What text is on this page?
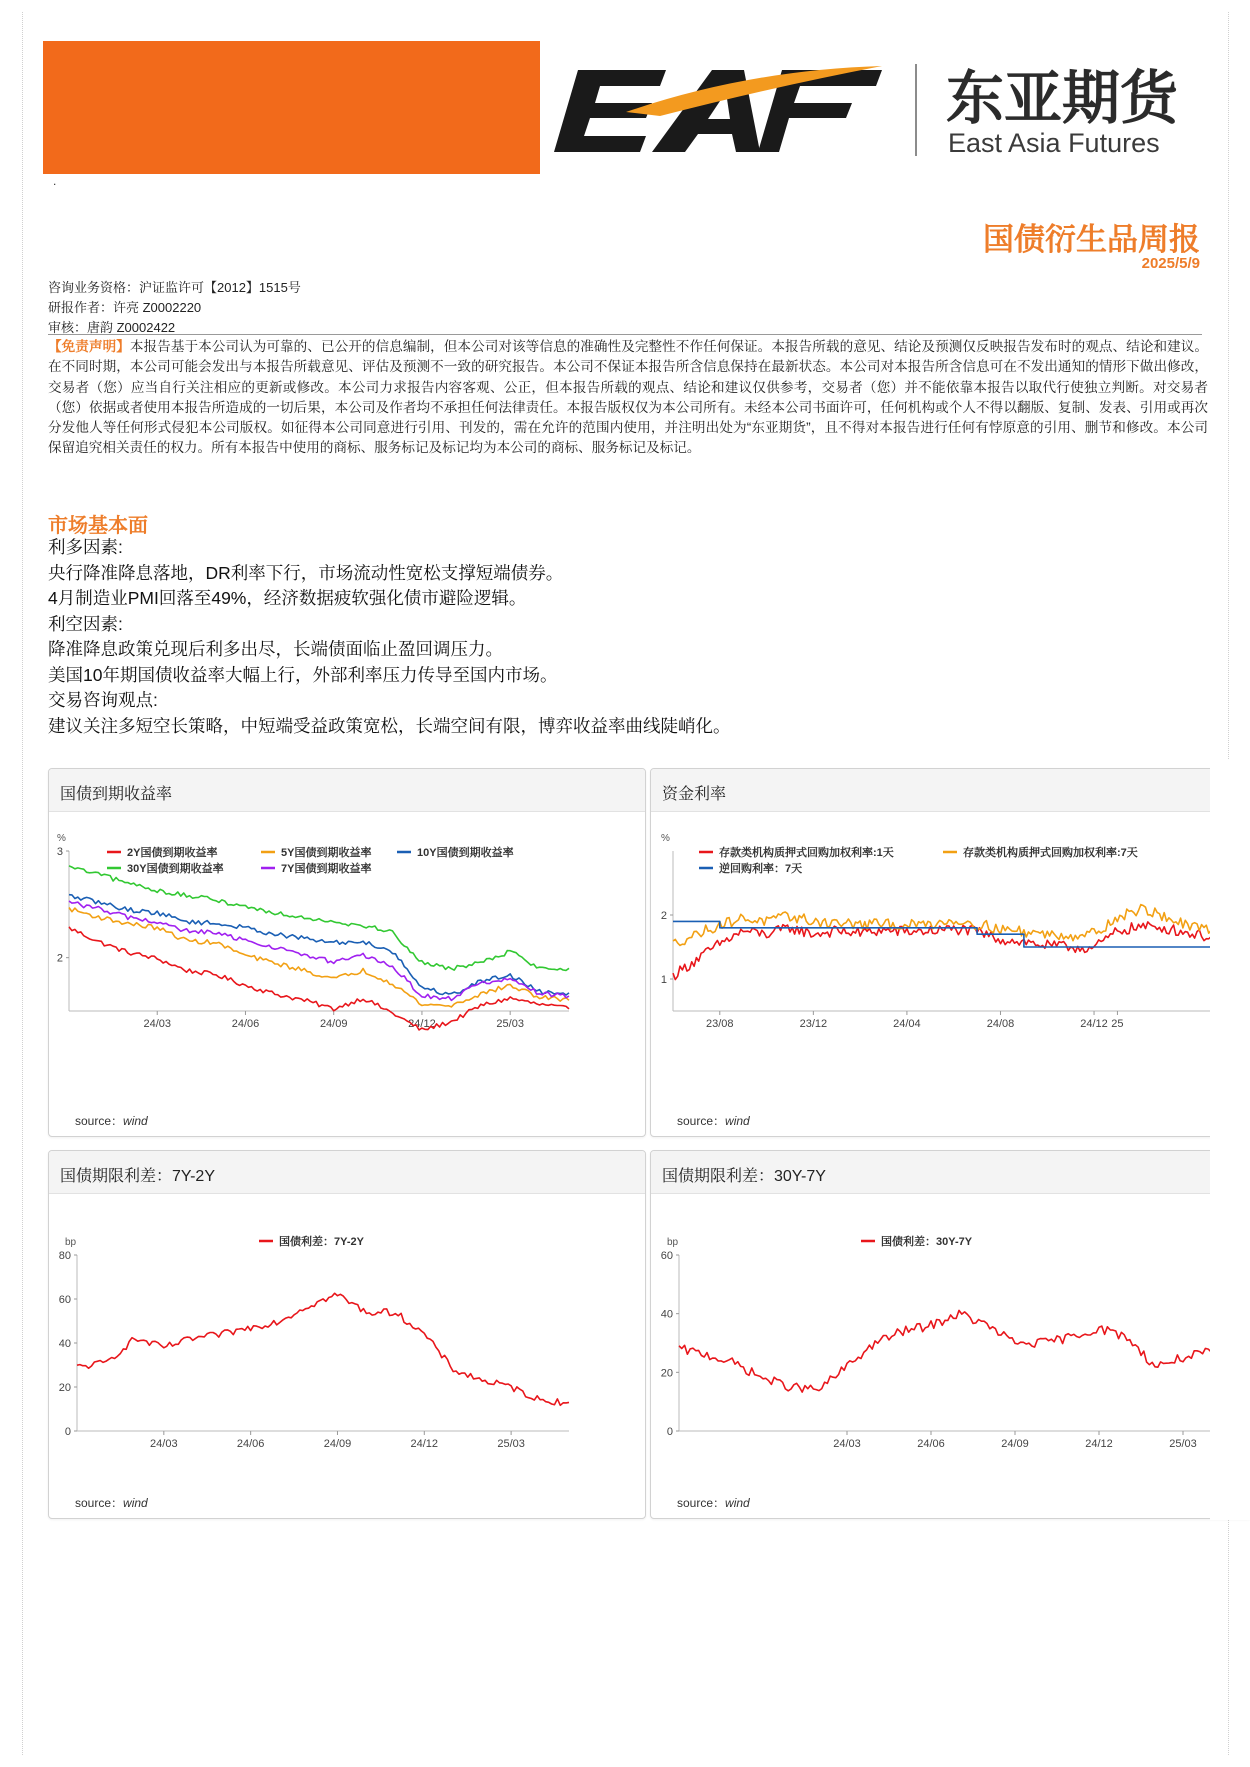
东亚期货
East Asia Futures
.
国债衍生品周报
2025/5/9
咨询业务资格：沪证监许可【2012】1515号
研报作者：许亮 Z0002220
审核：唐韵 Z0002422

【免责声明】本报告基于本公司认为可靠的、已公开的信息编制，但本公司对该等信息的准确性及完整性不作任何保证。本报告所载的意见、结论及预测仅反映报告发布时的观点、结论和建议。在不同时期，本公司可能会发出与本报告所载意见、评估及预测不一致的研究报告。本公司不保证本报告所含信息保持在最新状态。本公司对本报告所含信息可在不发出通知的情形下做出修改， 交易者（您）应当自行关注相应的更新或修改。本公司力求报告内容客观、公正，但本报告所载的观点、结论和建议仅供参考，交易者（您）并不能依靠本报告以取代行使独立判断。对交易者（您）依据或者使用本报告所造成的一切后果，本公司及作者均不承担任何法律责任。本报告版权仅为本公司所有。未经本公司书面许可，任何机构或个人不得以翻版、复制、发表、引用或再次分发他人等任何形式侵犯本公司版权。如征得本公司同意进行引用、刊发的，需在允许的范围内使用，并注明出处为“东亚期货”，且不得对本报告进行任何有悖原意的引用、删节和修改。本公司保留追究相关责任的权力。所有本报告中使用的商标、服务标记及标记均为本公司的商标、服务标记及标记。

市场基本面
利多因素:
央行降准降息落地，DR利率下行，市场流动性宽松支撑短端债券。
4月制造业PMI回落至49%，经济数据疲软强化债市避险逻辑。
利空因素:
降准降息政策兑现后利多出尽，长端债面临止盈回调压力。
美国10年期国债收益率大幅上行，外部利率压力传导至国内市场。
交易咨询观点:
建议关注多短空长策略，中短端受益政策宽松，长端空间有限，博弈收益率曲线陡峭化。
国债到期收益率
%
2
3
24/03	24/06	24/09	24/12	25/03
2Y国债到期收益率	5Y国债到期收益率	10Y国债到期收益率
30Y国债到期收益率	7Y国债到期收益率
source：wind
资金利率
%
1
2
23/08	23/12	24/04	24/08	24/12 25
存款类机构质押式回购加权利率:1天	存款类机构质押式回购加权利率:7天
逆回购利率：7天
source：wind
国债期限利差：7Y-2Y
bp
0
20
40
60
80
24/03	24/06	24/09	24/12	25/03
国债利差：7Y-2Y
source：wind
国债期限利差：30Y-7Y
bp
0
20
40
60
24/03	24/06	24/09	24/12	25/03
国债利差：30Y-7Y
source：wind
